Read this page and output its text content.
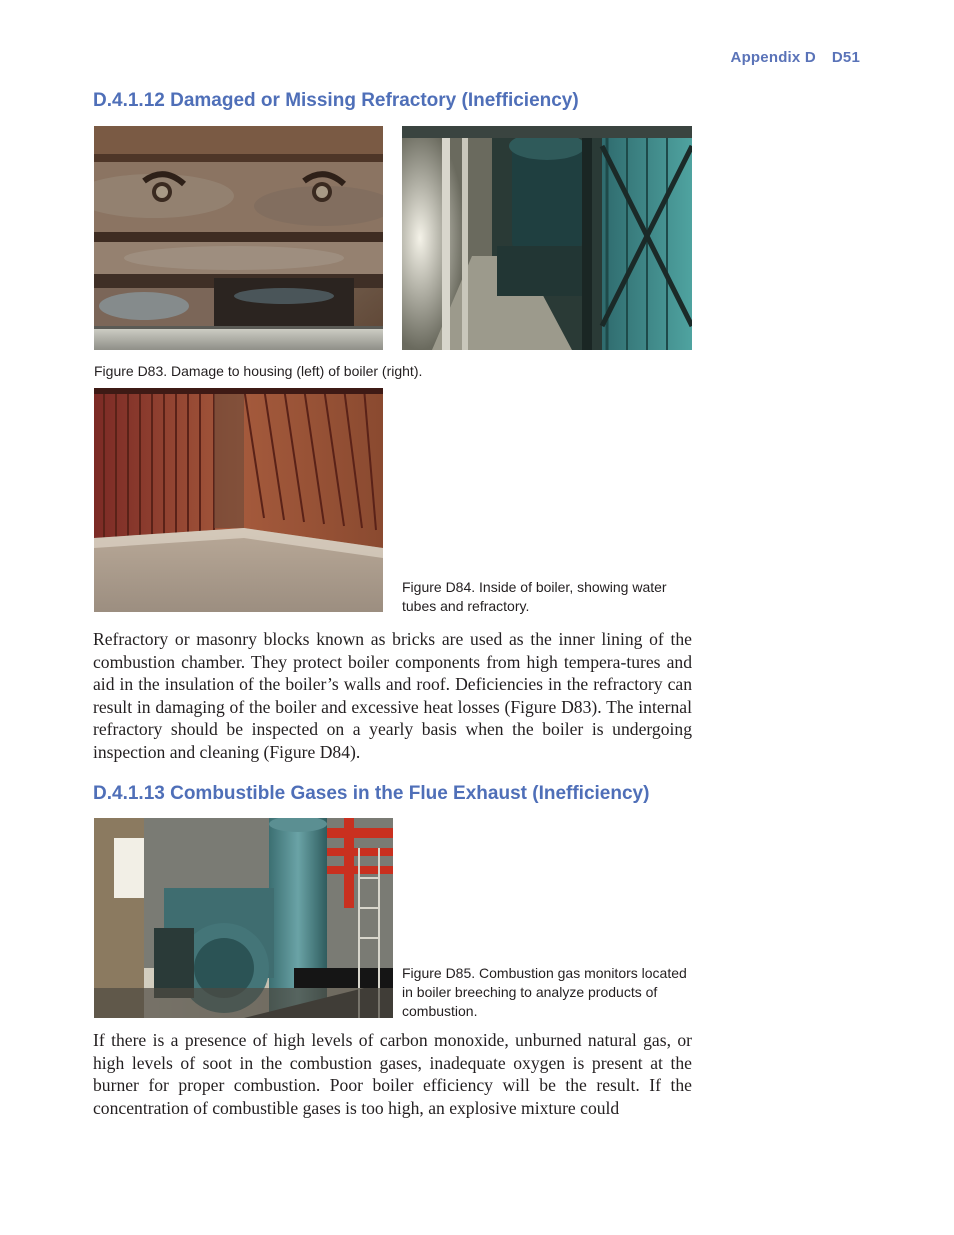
Appendix D D51
D.4.1.12 Damaged or Missing Refractory (Inefficiency)
Figure D83. Damage to housing (left) of boiler (right).
Figure D84. Inside of boiler, showing water
tubes and refractory.

Refractory or masonry blocks known as bricks are used as the inner lining of the combustion chamber. They protect boiler components from high tempera-tures and aid in the insulation of the boiler’s walls and roof. Deficiencies in the refractory can result in damaging of the boiler and excessive heat losses (Figure D83). The internal refractory should be inspected on a yearly basis when the boiler is undergoing inspection and cleaning (Figure D84).

D.4.1.13 Combustible Gases in the Flue Exhaust (Inefficiency)
Figure D85. Combustion gas monitors located
in boiler breeching to analyze products of
combustion.

If there is a presence of high levels of carbon monoxide, unburned natural gas, or high levels of soot in the combustion gases, inadequate oxygen is present at the burner for proper combustion. Poor boiler efficiency will be the result. If the concentration of combustible gases is too high, an explosive mixture could
